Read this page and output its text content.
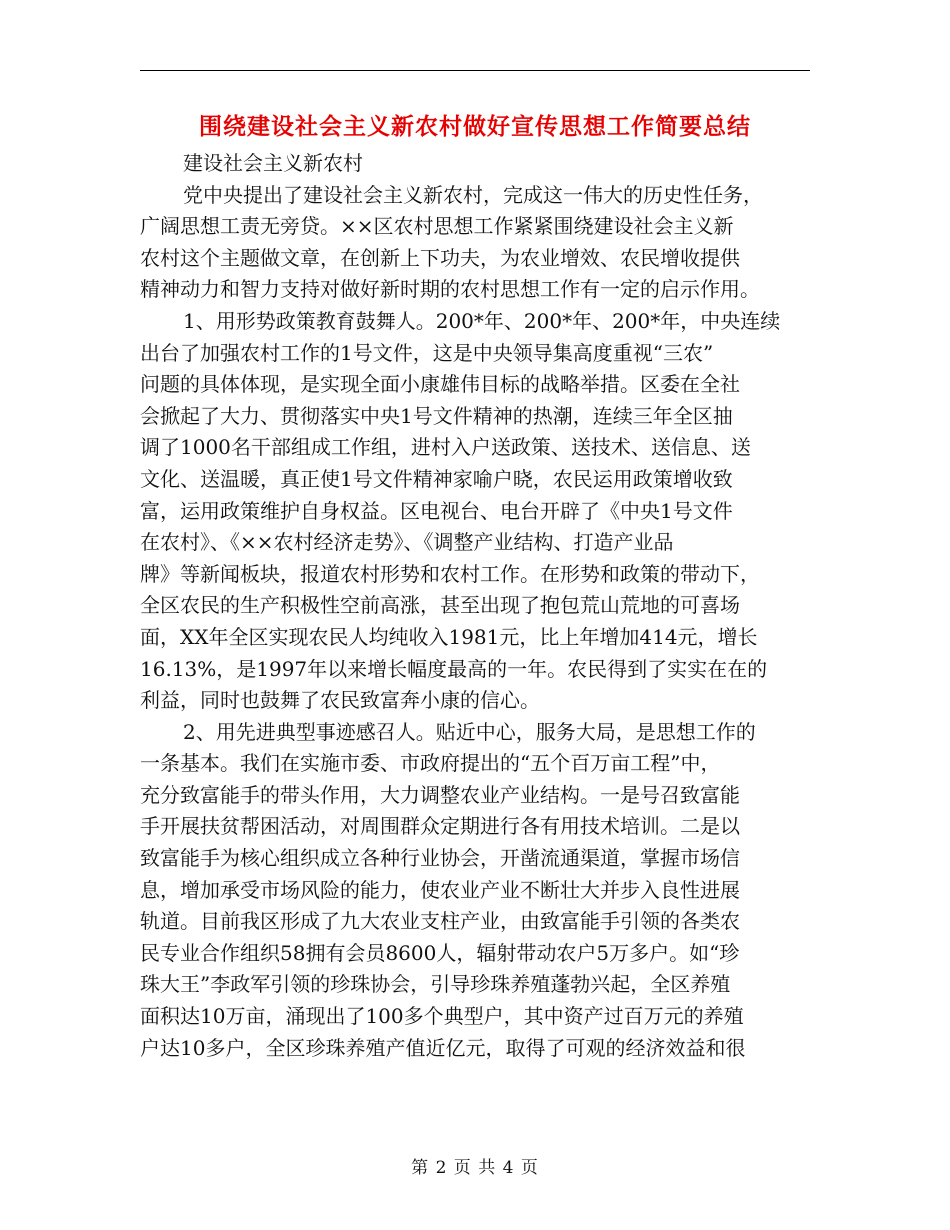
围绕建设社会主义新农村做好宣传思想工作简要总结
建设社会主义新农村
党中央提出了建设社会主义新农村，完成这一伟大的历史性任务，
广阔思想工责无旁贷。××区农村思想工作紧紧围绕建设社会主义新
农村这个主题做文章，在创新上下功夫，为农业增效、农民增收提供
精神动力和智力支持对做好新时期的农村思想工作有一定的启示作用。
1、用形势政策教育鼓舞人。200*年、200*年、200*年，中央连续
出台了加强农村工作的1号文件，这是中央领导集高度重视“三农”
问题的具体体现，是实现全面小康雄伟目标的战略举措。区委在全社
会掀起了大力、贯彻落实中央1号文件精神的热潮，连续三年全区抽
调了1000名干部组成工作组，进村入户送政策、送技术、送信息、送
文化、送温暖，真正使1号文件精神家喻户晓，农民运用政策增收致
富，运用政策维护自身权益。区电视台、电台开辟了《中央1号文件
在农村》、《××农村经济走势》、《调整产业结构、打造产业品
牌》等新闻板块，报道农村形势和农村工作。在形势和政策的带动下，
全区农民的生产积极性空前高涨，甚至出现了抱包荒山荒地的可喜场
面，XX年全区实现农民人均纯收入1981元，比上年增加414元，增长
16.13%，是1997年以来增长幅度最高的一年。农民得到了实实在在的
利益，同时也鼓舞了农民致富奔小康的信心。
2、用先进典型事迹感召人。贴近中心，服务大局，是思想工作的
一条基本。我们在实施市委、市政府提出的“五个百万亩工程”中，
充分致富能手的带头作用，大力调整农业产业结构。一是号召致富能
手开展扶贫帮困活动，对周围群众定期进行各有用技术培训。二是以
致富能手为核心组织成立各种行业协会，开凿流通渠道，掌握市场信
息，增加承受市场风险的能力，使农业产业不断壮大并步入良性进展
轨道。目前我区形成了九大农业支柱产业，由致富能手引领的各类农
民专业合作组织58拥有会员8600人，辐射带动农户5万多户。如“珍
珠大王”李政军引领的珍珠协会，引导珍珠养殖蓬勃兴起，全区养殖
面积达10万亩，涌现出了100多个典型户，其中资产过百万元的养殖
户达10多户，全区珍珠养殖产值近亿元，取得了可观的经济效益和很
第 2 页 共 4 页
